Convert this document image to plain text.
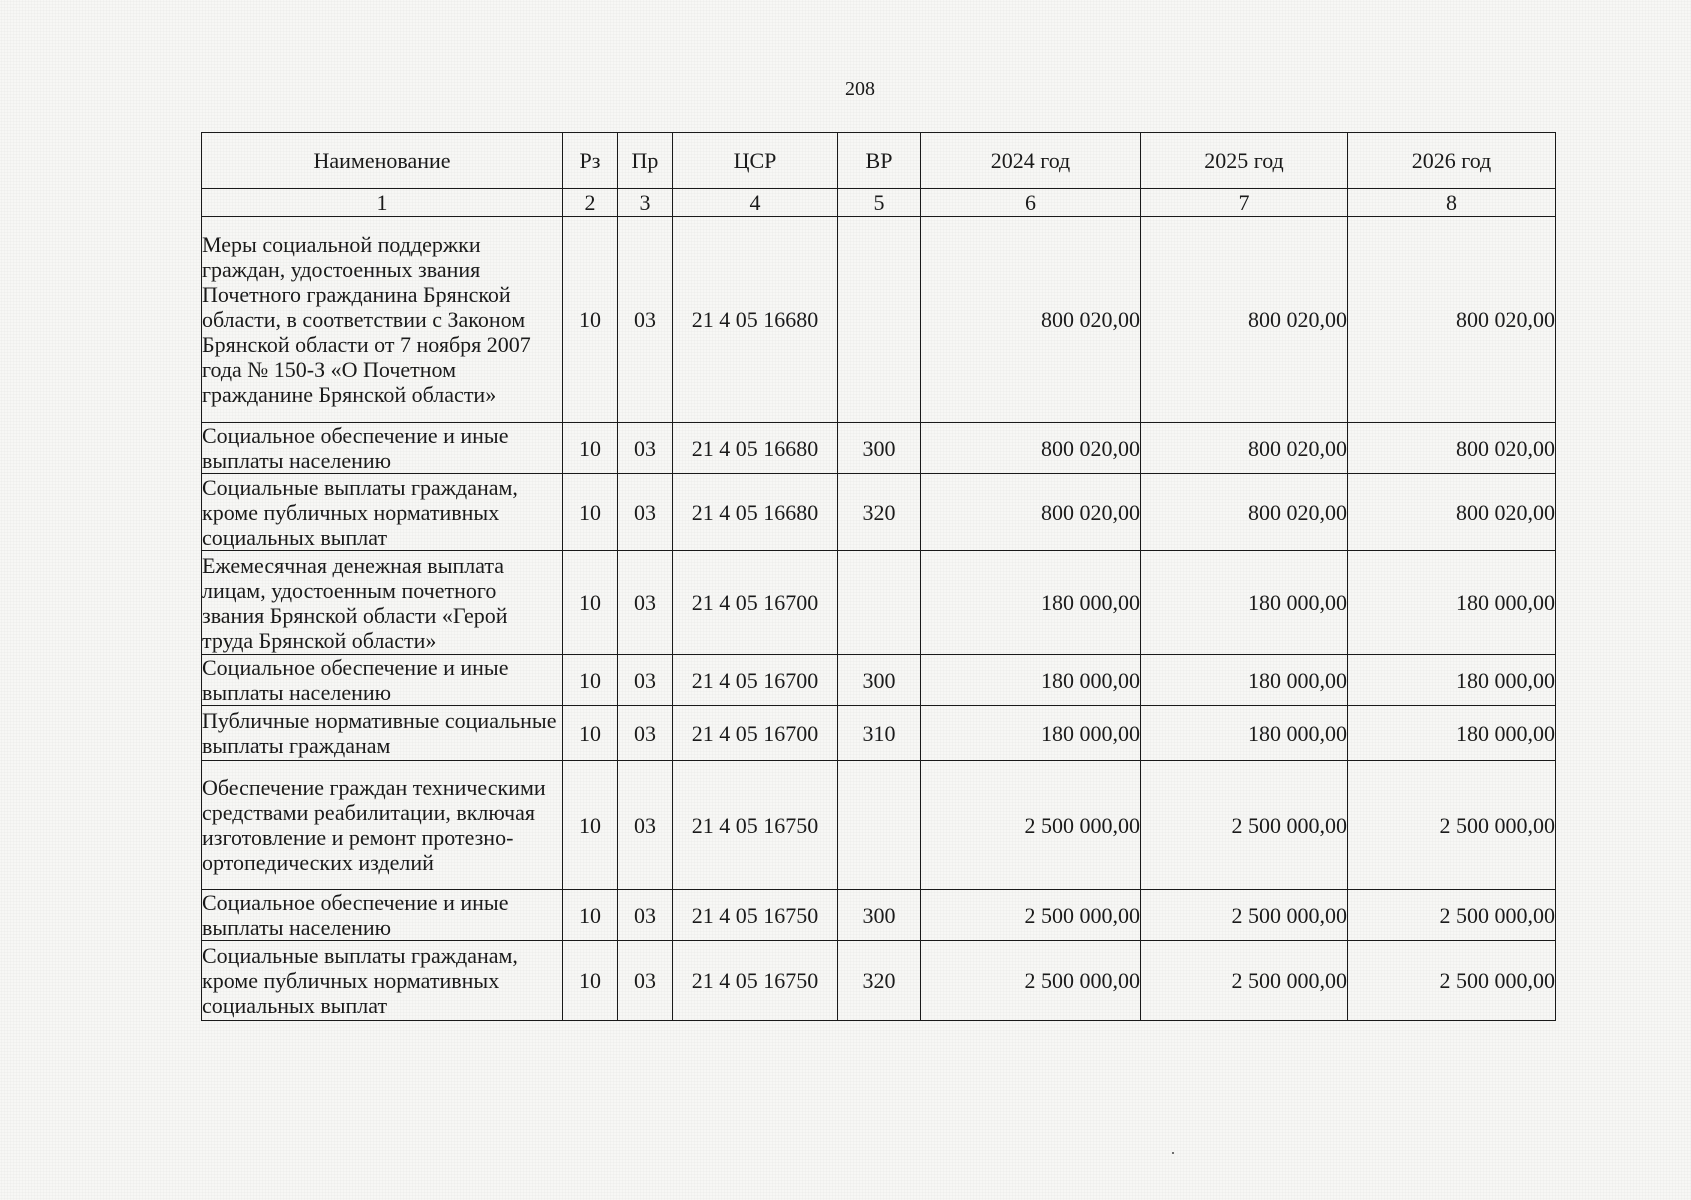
208
Наименование	Рз	Пр	ЦСР	ВР	2024 год	2025 год	2026 год
1	2	3	4	5	6	7	8
Меры социальной поддержки граждан, удостоенных звания Почетного гражданина Брянской области, в соответствии с Законом Брянской области от 7 ноября 2007 года № 150-З «О Почетном гражданине Брянской области»	10	03	21 4 05 16680		800 020,00	800 020,00	800 020,00
Социальное обеспечение и иные выплаты населению	10	03	21 4 05 16680	300	800 020,00	800 020,00	800 020,00
Социальные выплаты гражданам, кроме публичных нормативных социальных выплат	10	03	21 4 05 16680	320	800 020,00	800 020,00	800 020,00
Ежемесячная денежная выплата лицам, удостоенным почетного звания Брянской области «Герой труда Брянской области»	10	03	21 4 05 16700		180 000,00	180 000,00	180 000,00
Социальное обеспечение и иные выплаты населению	10	03	21 4 05 16700	300	180 000,00	180 000,00	180 000,00
Публичные нормативные социальные выплаты гражданам	10	03	21 4 05 16700	310	180 000,00	180 000,00	180 000,00
Обеспечение граждан техническими средствами реабилитации, включая изготовление и ремонт протезно-ортопедических изделий	10	03	21 4 05 16750		2 500 000,00	2 500 000,00	2 500 000,00
Социальное обеспечение и иные выплаты населению	10	03	21 4 05 16750	300	2 500 000,00	2 500 000,00	2 500 000,00
Социальные выплаты гражданам, кроме публичных нормативных социальных выплат	10	03	21 4 05 16750	320	2 500 000,00	2 500 000,00	2 500 000,00
